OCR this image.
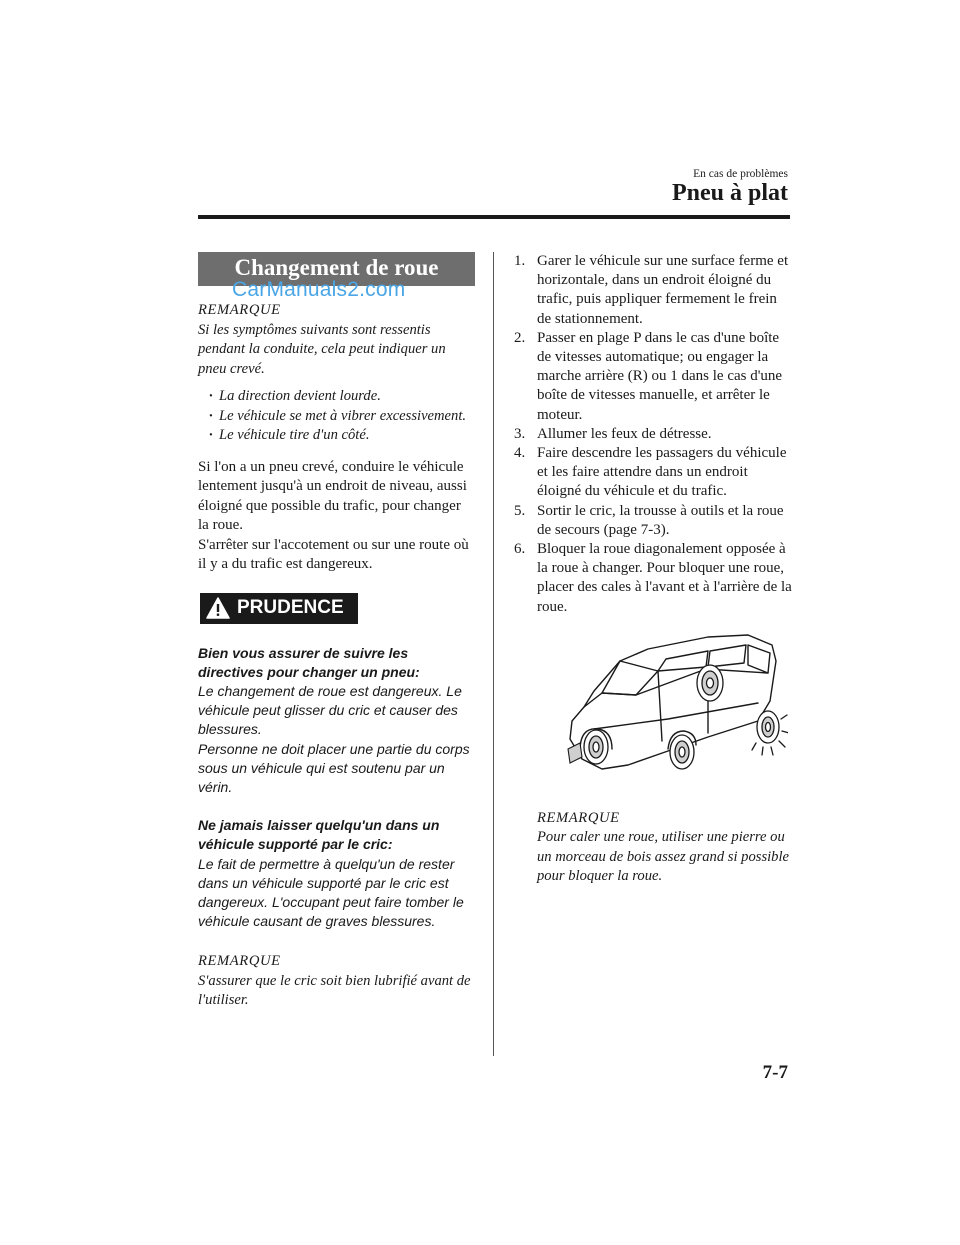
En cas de problèmes
Pneu à plat
Changement de roue
REMARQUE
Si les symptômes suivants sont ressentis pendant la conduite, cela peut indiquer un pneu crevé.
· La direction devient lourde.
· Le véhicule se met à vibrer excessivement.
· Le véhicule tire d'un côté.
Si l'on a un pneu crevé, conduire le véhicule lentement jusqu'à un endroit de niveau, aussi éloigné que possible du trafic, pour changer la roue.
S'arrêter sur l'accotement ou sur une route où il y a du trafic est dangereux.
PRUDENCE
Bien vous assurer de suivre les directives pour changer un pneu:
Le changement de roue est dangereux. Le véhicule peut glisser du cric et causer des blessures.
Personne ne doit placer une partie du corps sous un véhicule qui est soutenu par un vérin.
Ne jamais laisser quelqu'un dans un véhicule supporté par le cric:
Le fait de permettre à quelqu'un de rester dans un véhicule supporté par le cric est dangereux. L'occupant peut faire tomber le véhicule causant de graves blessures.
REMARQUE
S'assurer que le cric soit bien lubrifié avant de l'utiliser.
CarManuals2.com
1. Garer le véhicule sur une surface ferme et horizontale, dans un endroit éloigné du trafic, puis appliquer fermement le frein de stationnement.
2. Passer en plage P dans le cas d'une boîte de vitesses automatique; ou engager la marche arrière (R) ou 1 dans le cas d'une boîte de vitesses manuelle, et arrêter le moteur.
3. Allumer les feux de détresse.
4. Faire descendre les passagers du véhicule et les faire attendre dans un endroit éloigné du véhicule et du trafic.
5. Sortir le cric, la trousse à outils et la roue de secours (page 7-3).
6. Bloquer la roue diagonalement opposée à la roue à changer. Pour bloquer une roue, placer des cales à l'avant et à l'arrière de la roue.
REMARQUE
Pour caler une roue, utiliser une pierre ou un morceau de bois assez grand si possible pour bloquer la roue.
7-7
